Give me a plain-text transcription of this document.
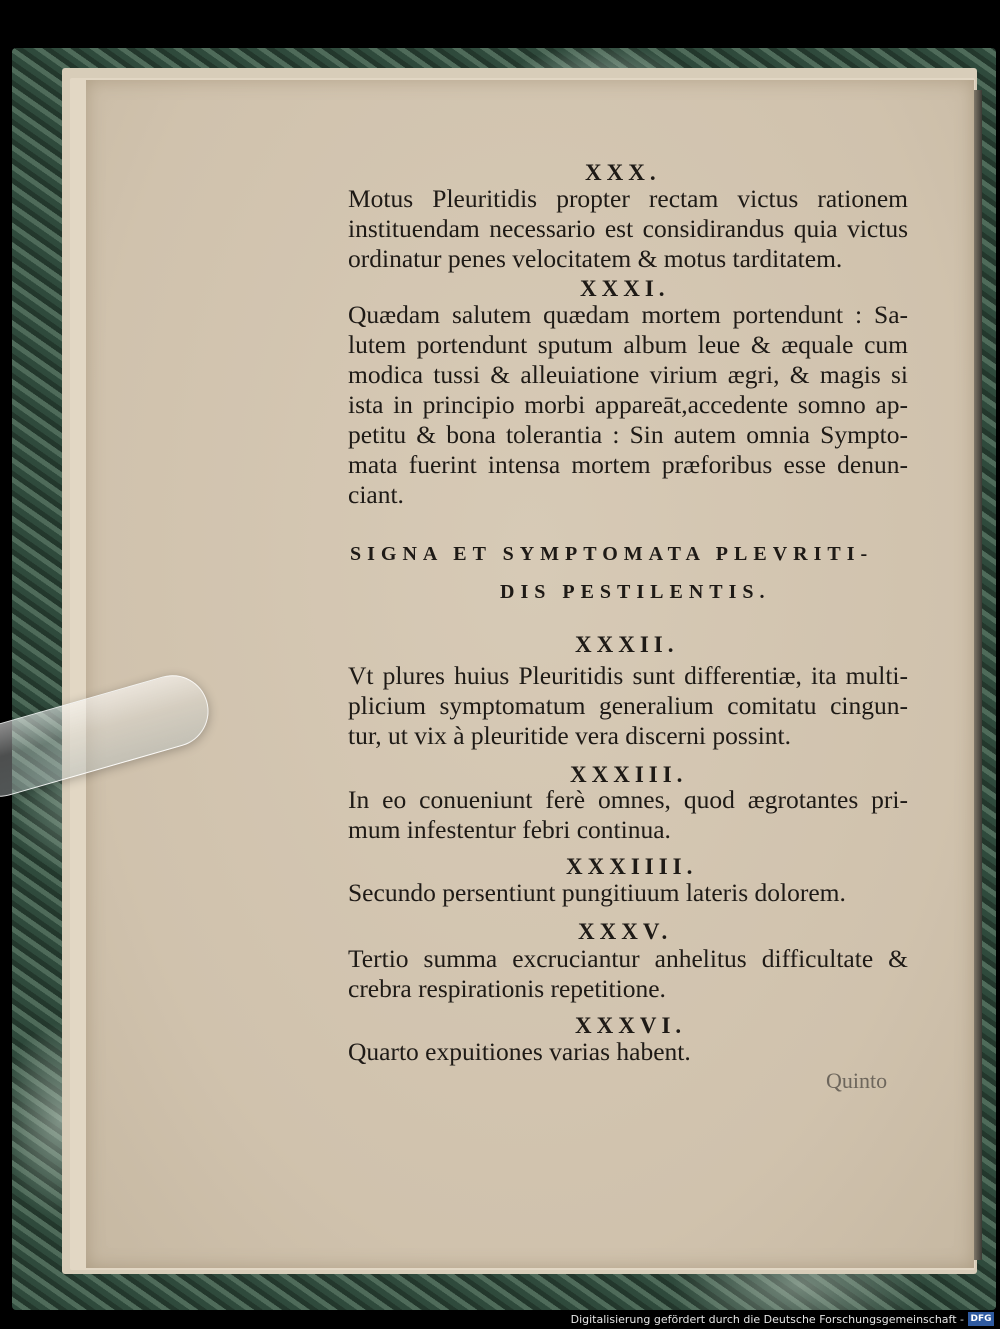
XXX.
Motus Pleuritidis propter rectam victus rationem
instituendam necessario est considirandus quia victus
ordinatur penes velocitatem & motus tarditatem.
XXXI.
Quædam salutem quædam mortem portendunt : Sa-
lutem portendunt sputum album leue & æquale cum
modica tussi & alleuiatione virium ægri, & magis si
ista in principio morbi appareāt,accedente somno ap-
petitu & bona tolerantia : Sin autem omnia Sympto-
mata fuerint intensa mortem præforibus esse denun-
ciant.
SIGNA ET SYMPTOMATA PLEVRITI-
DIS PESTILENTIS.
XXXII.
Vt plures huius Pleuritidis sunt differentiæ, ita multi-
plicium symptomatum generalium comitatu cingun-
tur, ut vix à pleuritide vera discerni possint.
XXXIII.
In eo conueniunt ferè omnes, quod ægrotantes pri-
mum infestentur febri continua.
XXXIIII.
Secundo persentiunt pungitiuum lateris dolorem.
XXXV.
Tertio summa excruciantur anhelitus difficultate &
crebra respirationis repetitione.
XXXVI.
Quarto expuitiones varias habent.
Quinto
Digitalisierung gefördert durch die Deutsche Forschungsgemeinschaft - DFG
